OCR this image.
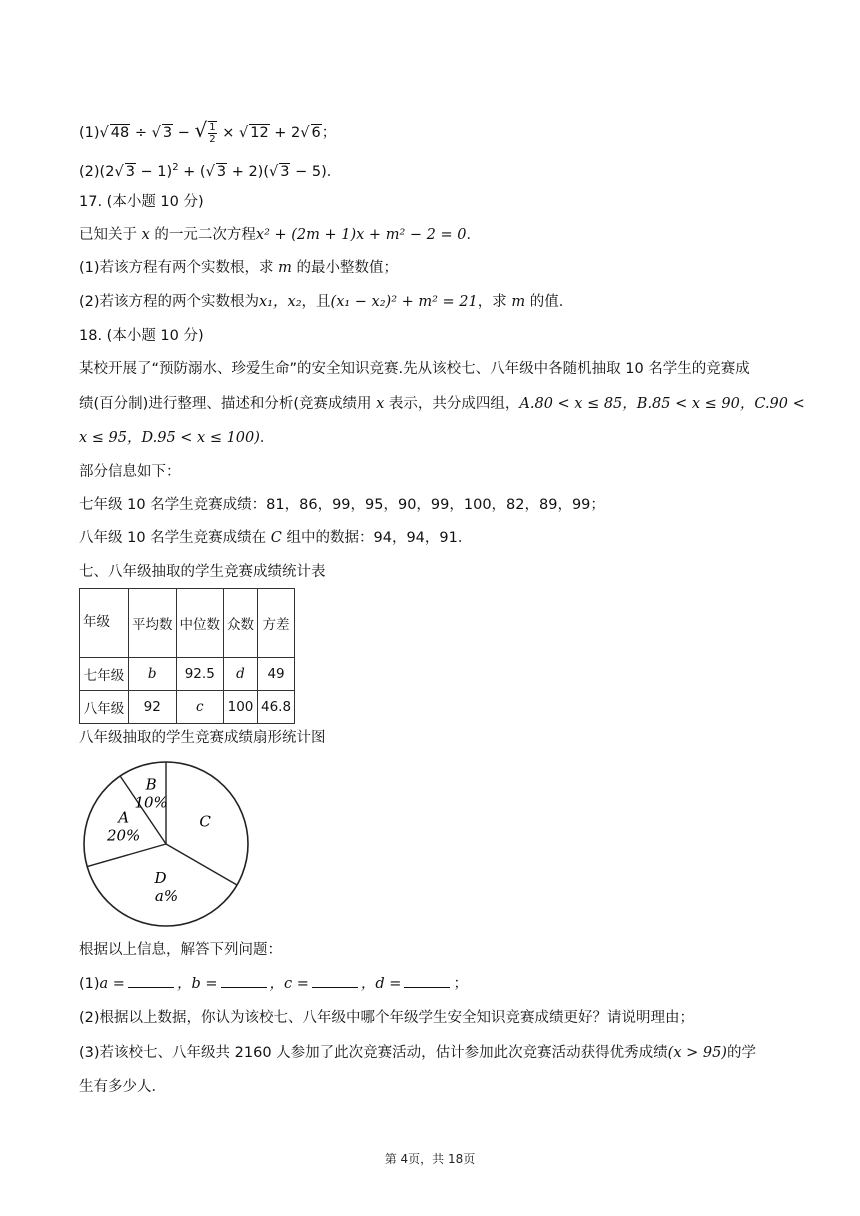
(1)√ 48 ÷ √ 3 − √ $\frac{1}{2}$ × √ 12 + 2√ 6；
(2)(2√ 3 − 1)$^2$ + (√ 3 + 2)(√ 3 − 5)．
17. (本小题 10 分)
已知关于 x 的一元二次方程x² + (2m + 1)x + m² − 2 = 0．
(1)若该方程有两个实数根，求 m 的最小整数值；
(2)若该方程的两个实数根为x₁，x₂，且(x₁ − x₂)² + m² = 21，求 m 的值．
18. (本小题 10 分)
某校开展了“预防溺水、珍爱生命”的安全知识竞赛.先从该校七、八年级中各随机抽取 10 名学生的竞赛成
绩(百分制)进行整理、描述和分析(竞赛成绩用 x 表示，共分成四组，A.80 < x ≤ 85，B.85 < x ≤ 90，C.90 <
x ≤ 95，D.95 < x ≤ 100)．
部分信息如下：
七年级 10 名学生竞赛成绩：81，86，99，95，90，99，100，82，89，99；
八年级 10 名学生竞赛成绩在 C 组中的数据：94，94，91．
七、八年级抽取的学生竞赛成绩统计表
年级	平均数	中位数	众数	方差
七年级	b	92.5	d	49
八年级	92	c	100	46.8
八年级抽取的学生竞赛成绩扇形统计图
A
20%
B
10%
C
D
a%
根据以上信息，解答下列问题：
(1)a =	，b =	，c =	，d =	；
(2)根据以上数据，你认为该校七、八年级中哪个年级学生安全知识竞赛成绩更好？请说明理由；
(3)若该校七、八年级共 2160 人参加了此次竞赛活动，估计参加此次竞赛活动获得优秀成绩(x > 95)的学
生有多少人．
第 4页，共 18页
